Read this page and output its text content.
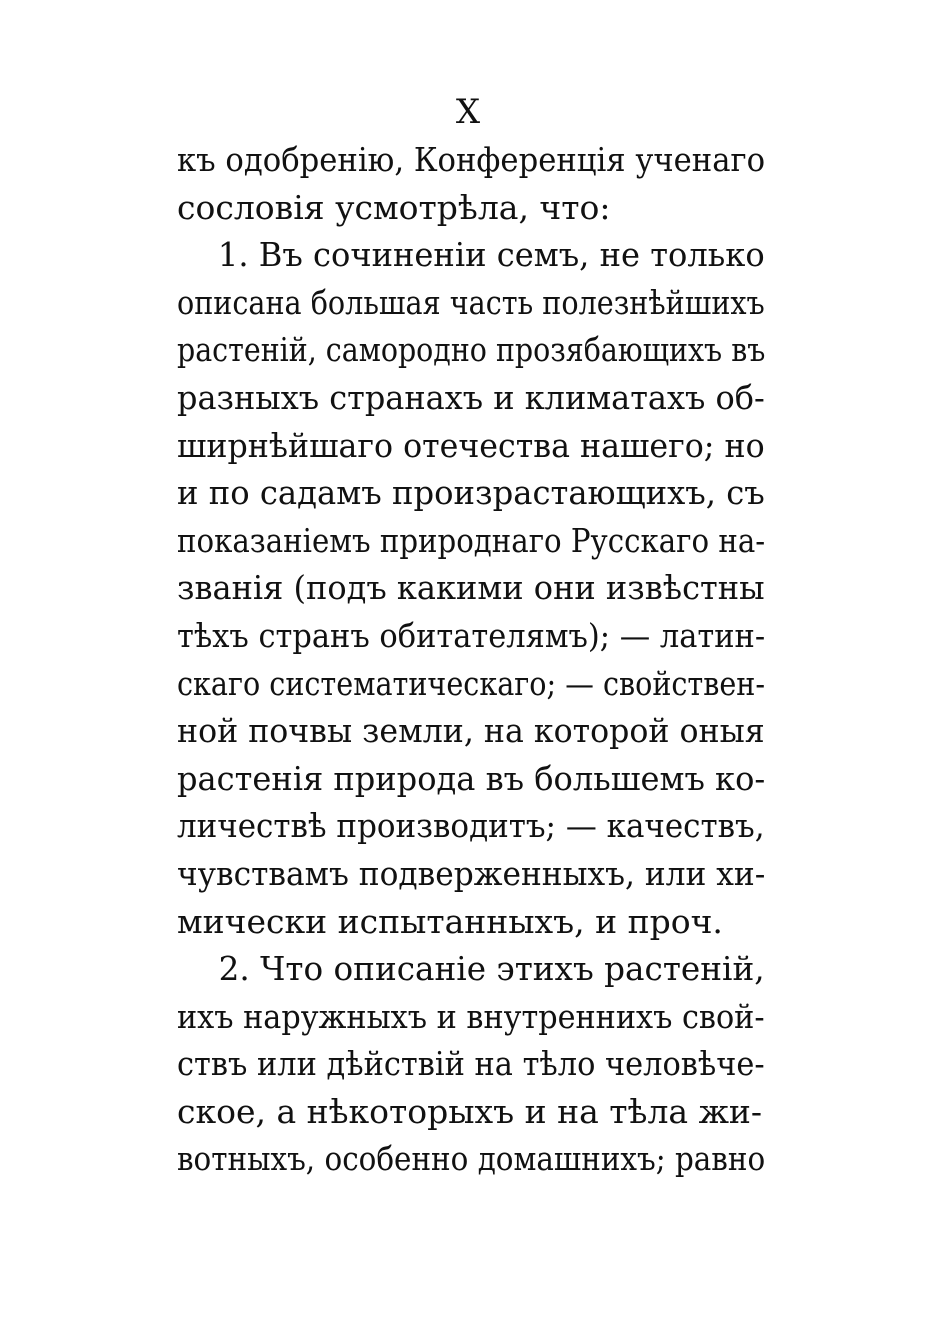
X
къ одобренію, Конференція ученаго
сословія усмотрѣла, что:
1. Въ сочиненіи семъ, не только
описана большая часть полезнѣйшихъ
растеній, самородно прозябающихъ въ
разныхъ странахъ и климатахъ об-
ширнѣйшаго отечества нашего; но
и по садамъ произрастающихъ, съ
показаніемъ природнаго Русскаго на-
званія (подъ какими они извѣстны
тѣхъ странъ обитателямъ); — латин-
скаго систематическаго; — свойствен-
ной почвы земли, на которой оныя
растенія природа въ большемъ ко-
личествѣ производитъ; — качествъ,
чувствамъ подверженныхъ, или хи-
мически испытанныхъ, и проч.
2. Что описаніе этихъ растеній,
ихъ наружныхъ и внутреннихъ свой-
ствъ или дѣйствій на тѣло человѣче-
ское, а нѣкоторыхъ и на тѣла жи-
вотныхъ, особенно домашнихъ; равно
